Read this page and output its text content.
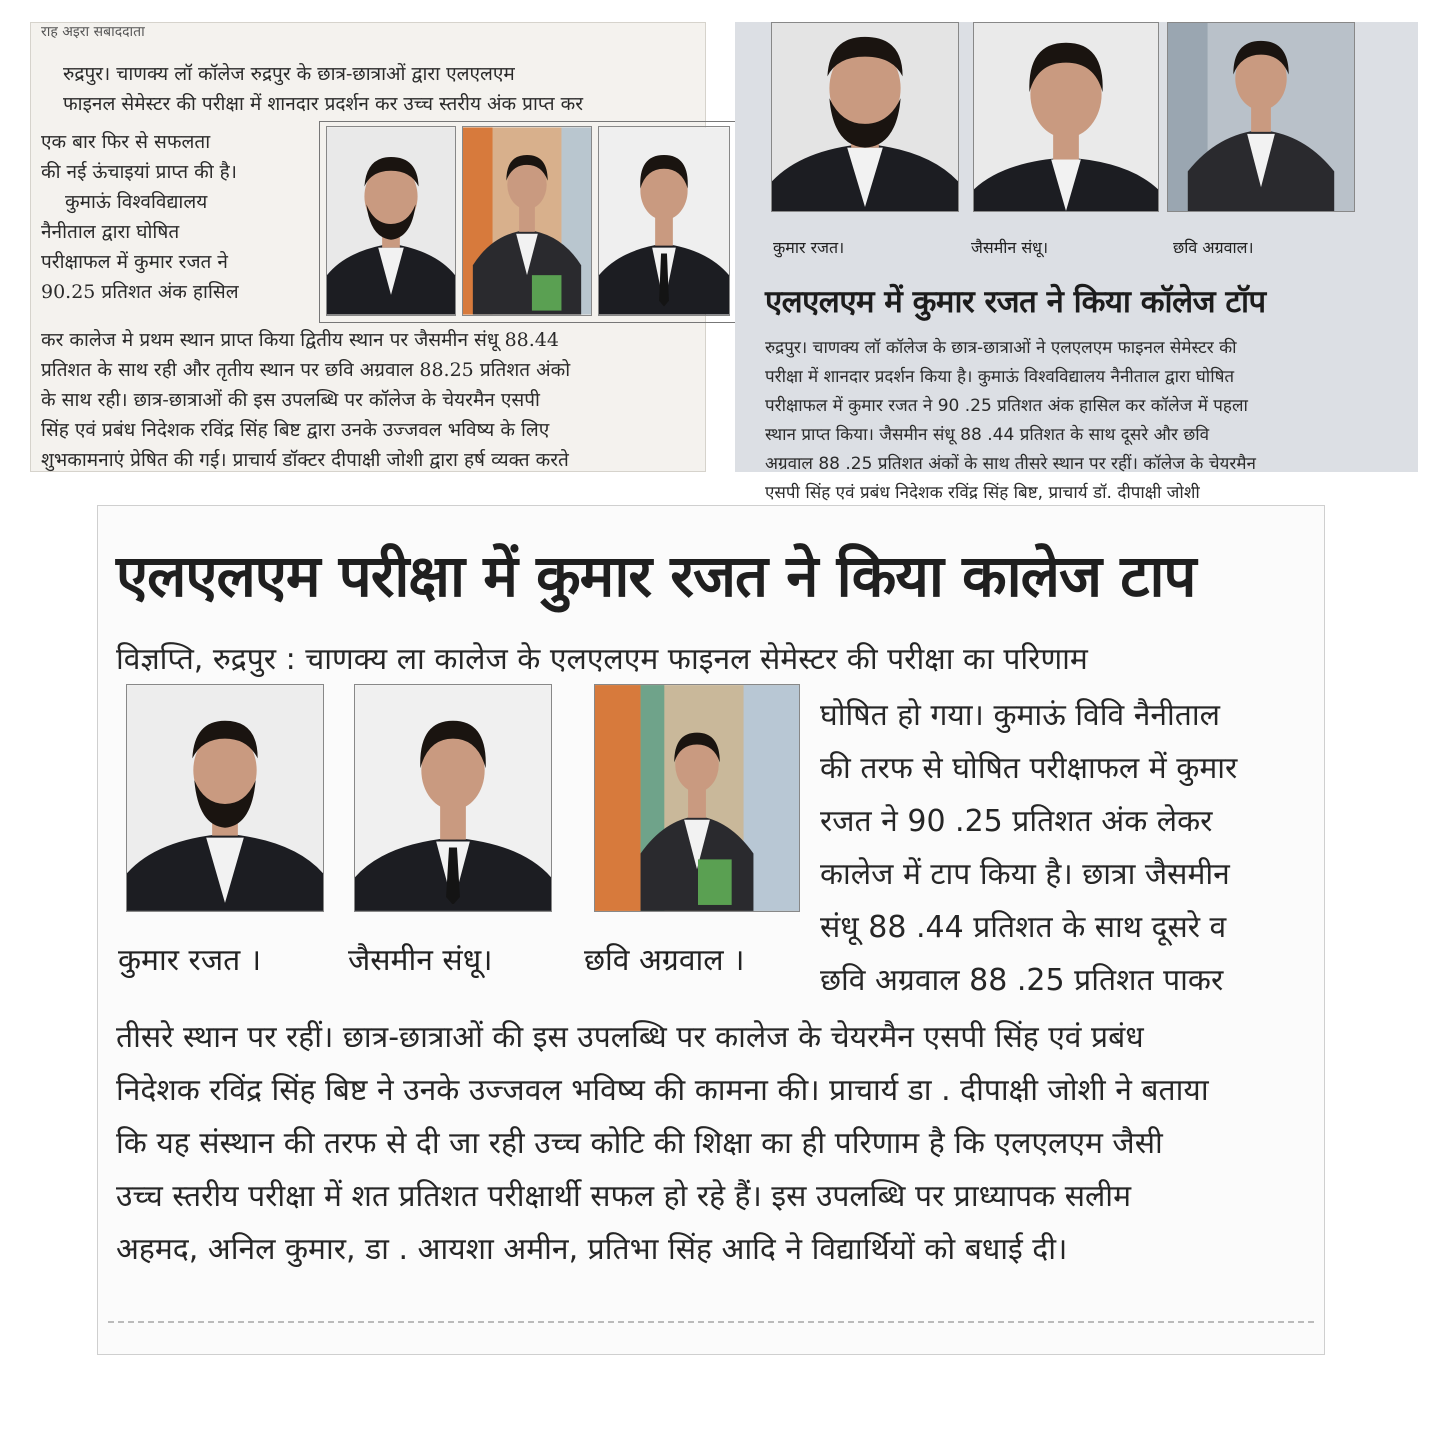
राह अइरा सबाददाता
रुद्रपुर। चाणक्य लॉ कॉलेज रुद्रपुर के छात्र-छात्राओं द्वारा एलएलएम
फाइनल सेमेस्टर की परीक्षा में शानदार प्रदर्शन कर उच्च स्तरीय अंक प्राप्त कर
एक बार फिर से सफलता
की नई ऊंचाइयां प्राप्त की है।
कुमाऊं विश्वविद्यालय
नैनीताल द्वारा घोषित
परीक्षाफल में कुमार रजत ने
90.25 प्रतिशत अंक हासिल
कर कालेज मे प्रथम स्थान प्राप्त किया द्वितीय स्थान पर जैसमीन संधू 88.44
प्रतिशत के साथ रही और तृतीय स्थान पर छवि अग्रवाल 88.25 प्रतिशत अंको
के साथ रही। छात्र-छात्राओं की इस उपलब्धि पर कॉलेज के चेयरमैन एसपी
सिंह एवं प्रबंध निदेशक रविंद्र सिंह बिष्ट द्वारा उनके उज्जवल भविष्य के लिए
शुभकामनाएं प्रेषित की गई। प्राचार्य डॉक्टर दीपाक्षी जोशी द्वारा हर्ष व्यक्त करते
कुमार रजत।	जैसमीन संधू।	छवि अग्रवाल।
एलएलएम में कुमार रजत ने किया कॉलेज टॉप
रुद्रपुर। चाणक्य लॉ कॉलेज के छात्र-छात्राओं ने एलएलएम फाइनल सेमेस्टर की
परीक्षा में शानदार प्रदर्शन किया है। कुमाऊं विश्वविद्यालय नैनीताल द्वारा घोषित
परीक्षाफल में कुमार रजत ने 90 .25 प्रतिशत अंक हासिल कर कॉलेज में पहला
स्थान प्राप्त किया। जैसमीन संधू 88 .44 प्रतिशत के साथ दूसरे और छवि
अग्रवाल 88 .25 प्रतिशत अंकों के साथ तीसरे स्थान पर रहीं। कॉलेज के चेयरमैन
एसपी सिंह एवं प्रबंध निदेशक रविंद्र सिंह बिष्ट, प्राचार्य डॉ. दीपाक्षी जोशी
एलएलएम परीक्षा में कुमार रजत ने किया कालेज टाप
विज्ञप्ति, रुद्रपुर : चाणक्य ला कालेज के एलएलएम फाइनल सेमेस्टर की परीक्षा का परिणाम
कुमार रजत ।	जैसमीन संधू।	छवि अग्रवाल ।
घोषित हो गया। कुमाऊं विवि नैनीताल
की तरफ से घोषित परीक्षाफल में कुमार
रजत ने 90 .25 प्रतिशत अंक लेकर
कालेज में टाप किया है। छात्रा जैसमीन
संधू 88 .44 प्रतिशत के साथ दूसरे व
छवि अग्रवाल 88 .25 प्रतिशत पाकर
तीसरे स्थान पर रहीं। छात्र-छात्राओं की इस उपलब्धि पर कालेज के चेयरमैन एसपी सिंह एवं प्रबंध
निदेशक रविंद्र सिंह बिष्ट ने उनके उज्जवल भविष्य की कामना की। प्राचार्य डा . दीपाक्षी जोशी ने बताया
कि यह संस्थान की तरफ से दी जा रही उच्च कोटि की शिक्षा का ही परिणाम है कि एलएलएम जैसी
उच्च स्तरीय परीक्षा में शत प्रतिशत परीक्षार्थी सफल हो रहे हैं। इस उपलब्धि पर प्राध्यापक सलीम
अहमद, अनिल कुमार, डा . आयशा अमीन, प्रतिभा सिंह आदि ने विद्यार्थियों को बधाई दी।
